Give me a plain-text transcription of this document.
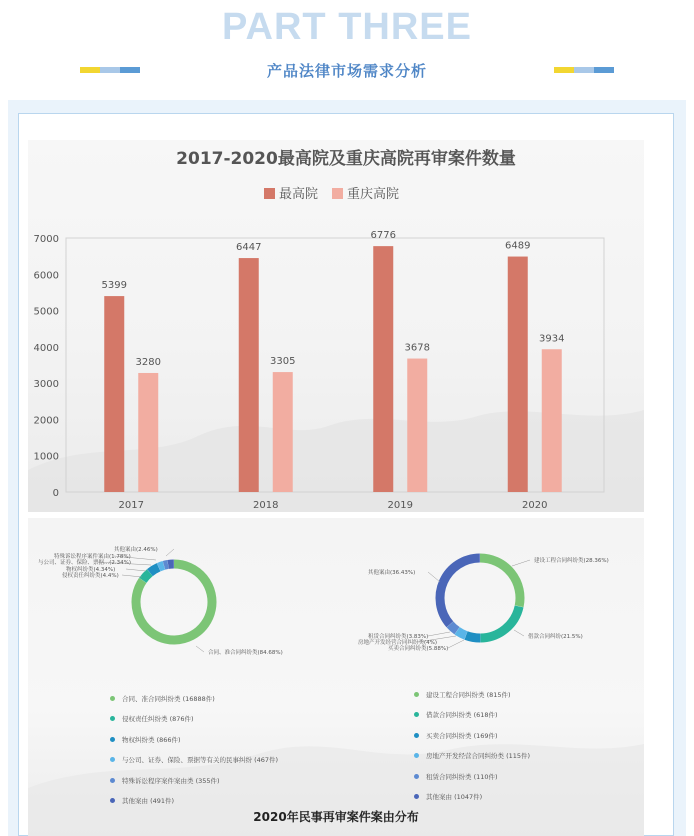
PART THREE
产品法律市场需求分析
2017-2020最高院及重庆高院再审案件数量
最高院 重庆高院
0
1000
2000
3000
4000
5000
6000
7000
2017	2018	2019	2020
5399
3280
6447
3305
6776
3678
6489
3934
合同、准合同纠纷类(84.68%)
侵权责任纠纷类(4.4%)
物权纠纷类(4.34%)
与公司、证券、保险、票据...(2.34%)
特殊诉讼程序案件案由(1.78%)
其他案由(2.46%)
建设工程合同纠纷类(28.36%)
借款合同纠纷(21.5%)
买卖合同纠纷类(5.88%)
房地产开发经营合同纠纷类(4%)
租赁合同纠纷类(3.83%)
其他案由(36.43%)
合同、准合同纠纷类 (16888件)
侵权责任纠纷类 (876件)
物权纠纷类 (866件)
与公司、证券、保险、票据等有关的民事纠纷 (467件)
特殊诉讼程序案件案由类 (355件)
其他案由 (491件)
建设工程合同纠纷类 (815件)
借款合同纠纷类 (618件)
买卖合同纠纷类 (169件)
房地产开发经营合同纠纷类 (115件)
租赁合同纠纷类 (110件)
其他案由 (1047件)
2020年民事再审案件案由分布
